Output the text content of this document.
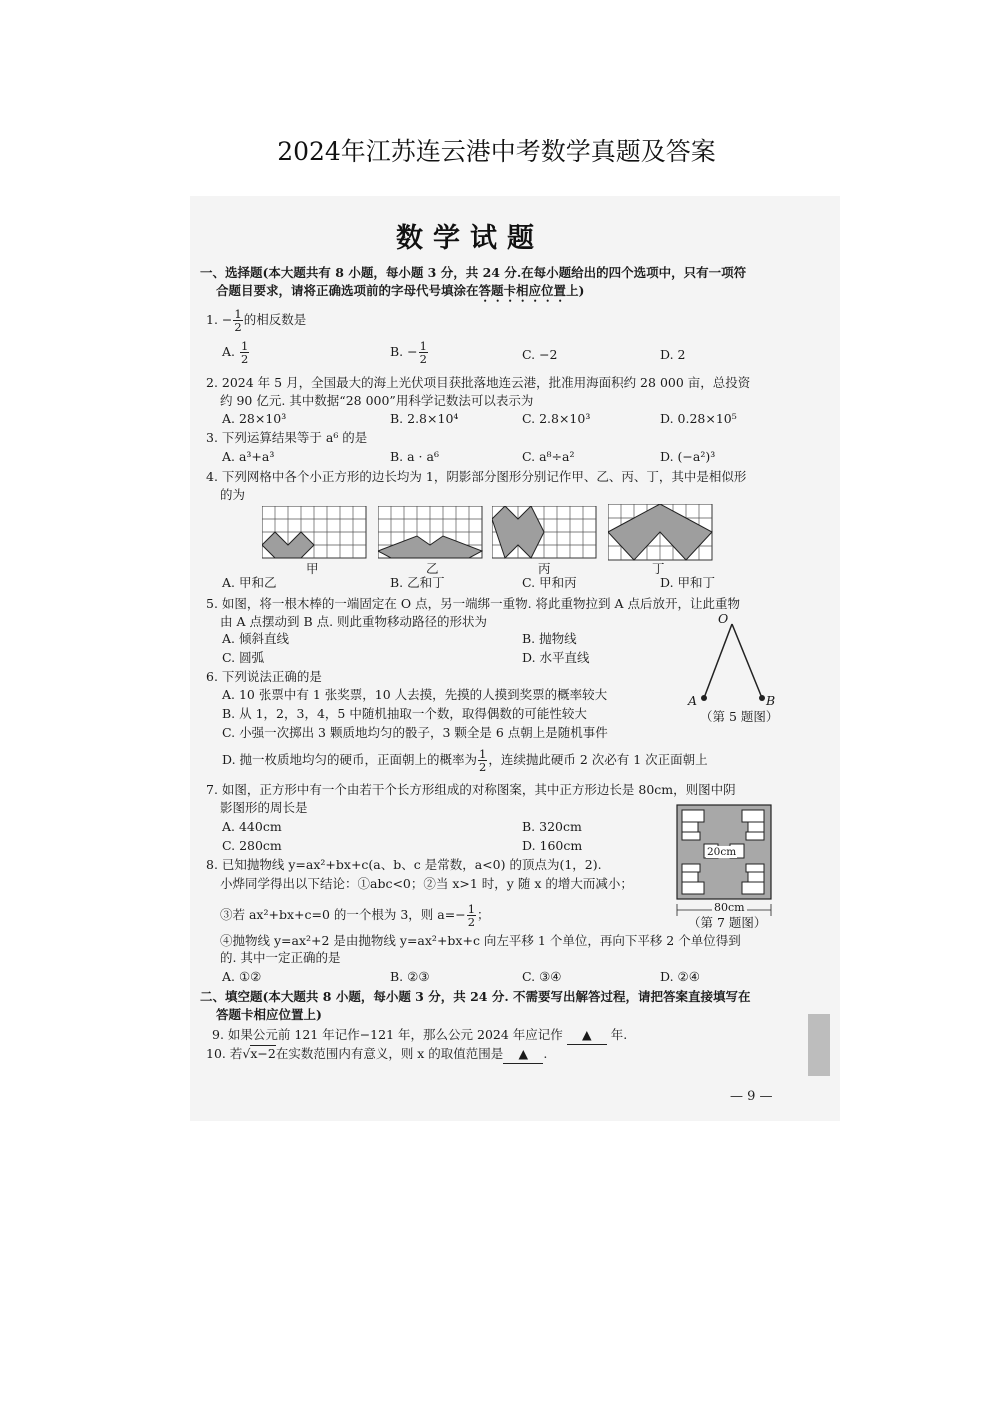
2024年江苏连云港中考数学真题及答案

数学试题
一、选择题(本大题共有 8 小题，每小题 3 分，共 24 分.在每小题给出的四个选项中，只有一项符
合题目要求，请将正确选项前的字母代号填涂在答题卡相应位置上)
1. − $\frac{1}{2}$ 的相反数是
A. $\frac{1}{2}$	B. − $\frac{1}{2}$	C. −2	D. 2
2. 2024 年 5 月，全国最大的海上光伏项目获批落地连云港，批准用海面积约 28 000 亩，总投资
约 90 亿元. 其中数据“28 000”用科学记数法可以表示为
A. 28×10³	B. 2.8×10⁴	C. 2.8×10³	D. 0.28×10⁵
3. 下列运算结果等于 a⁶ 的是
A. a³+a³	B. a · a⁶	C. a⁸÷a²	D. (−a²)³
4. 下列网格中各个小正方形的边长均为 1，阴影部分图形分别记作甲、乙、丙、丁，其中是相似形
的为
甲	乙	丙	丁
A. 甲和乙	B. 乙和丁	C. 甲和丙	D. 甲和丁
5. 如图，将一根木棒的一端固定在 O 点，另一端绑一重物. 将此重物拉到 A 点后放开，让此重物
由 A 点摆动到 B 点. 则此重物移动路径的形状为
A. 倾斜直线	B. 抛物线
C. 圆弧	D. 水平直线
O
A	B
（第 5 题图）
6. 下列说法正确的是
A. 10 张票中有 1 张奖票，10 人去摸，先摸的人摸到奖票的概率较大
B. 从 1，2，3，4，5 中随机抽取一个数，取得偶数的可能性较大
C. 小强一次掷出 3 颗质地均匀的骰子，3 颗全是 6 点朝上是随机事件
D. 抛一枚质地均匀的硬币，正面朝上的概率为 $\frac{1}{2}$ ，连续抛此硬币 2 次必有 1 次正面朝上
7. 如图，正方形中有一个由若干个长方形组成的对称图案，其中正方形边长是 80cm，则图中阴
影图形的周长是
A. 440cm	B. 320cm
C. 280cm	D. 160cm	20cm
80cm
（第 7 题图）
8. 已知抛物线 y=ax²+bx+c(a、b、c 是常数，a<0) 的顶点为(1，2).
小烨同学得出以下结论：①abc<0；②当 x>1 时，y 随 x 的增大而减小；
③若 ax²+bx+c=0 的一个根为 3，则 $a=- \frac{1}{2}$ ；
④抛物线 y=ax²+2 是由抛物线 y=ax²+bx+c 向左平移 1 个单位，再向下平移 2 个单位得到
的. 其中一定正确的是
A. ①②	B. ②③	C. ③④	D. ②④
二、填空题(本大题共 8 小题，每小题 3 分，共 24 分. 不需要写出解答过程，请把答案直接填写在
答题卡相应位置上)
9. 如果公元前 121 年记作−121 年，那么公元 2024 年应记作 ▲ 年.
10. 若√x−2在实数范围内有意义，则 x 的取值范围是 ▲ .
— 9 —
